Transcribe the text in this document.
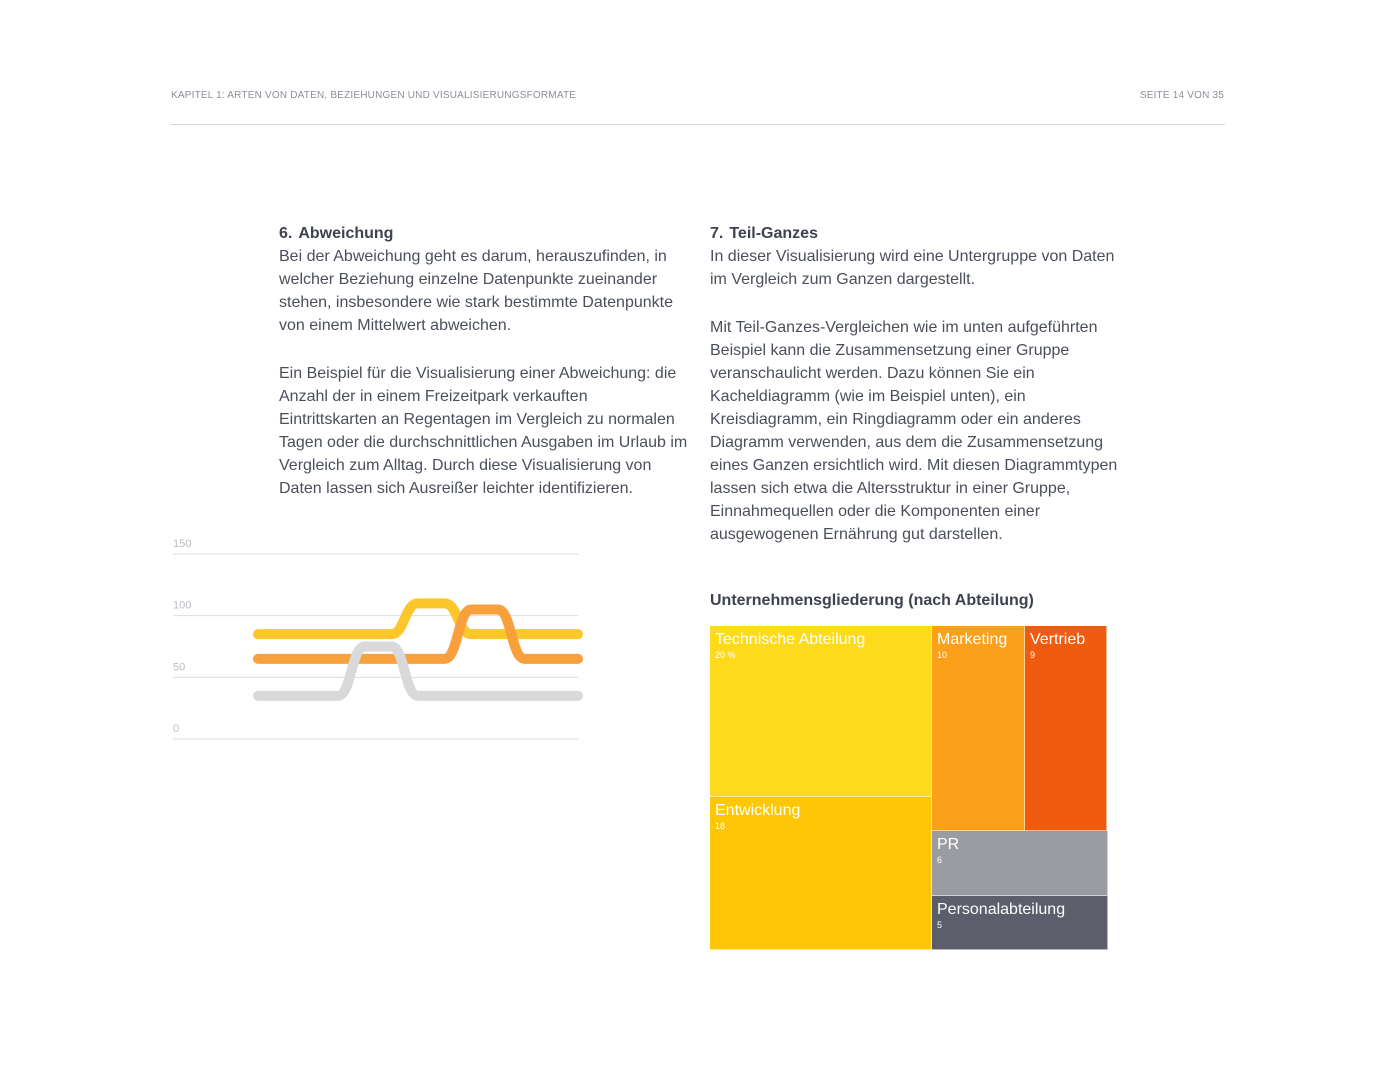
KAPITEL 1: ARTEN VON DATEN, BEZIEHUNGEN UND VISUALISIERUNGSFORMATE	SEITE 14 VON 35
6. Abweichung

Bei der Abweichung geht es darum, herauszufinden, in welcher Beziehung einzelne Datenpunkte zueinander stehen, insbesondere wie stark bestimmte Datenpunkte von einem Mittelwert abweichen.

Ein Beispiel für die Visualisierung einer Abweichung: die Anzahl der in einem Freizeitpark verkauften Eintrittskarten an Regentagen im Vergleich zu normalen Tagen oder die durchschnittlichen Ausgaben im Urlaub im Vergleich zum Alltag. Durch diese Visualisierung von Daten lassen sich Ausreißer leichter identifizieren.

7. Teil-Ganzes

In dieser Visualisierung wird eine Untergruppe von Daten im Vergleich zum Ganzen dargestellt.

Mit Teil-Ganzes-Vergleichen wie im unten aufgeführten Beispiel kann die Zusammensetzung einer Gruppe veranschaulicht werden. Dazu können Sie ein Kacheldiagramm (wie im Beispiel unten), ein Kreisdiagramm, ein Ringdiagramm oder ein anderes Diagramm verwenden, aus dem die Zusammensetzung eines Ganzen ersichtlich wird. Mit diesen Diagrammtypen lassen sich etwa die Altersstruktur in einer Gruppe, Einnahmequellen oder die Komponenten einer ausgewogenen Ernährung gut darstellen.

150
100
50
0
Unternehmensgliederung (nach Abteilung)
Technische Abteilung
20 %
Entwicklung
18
Marketing
10
Vertrieb
9
PR
6
Personalabteilung
5
